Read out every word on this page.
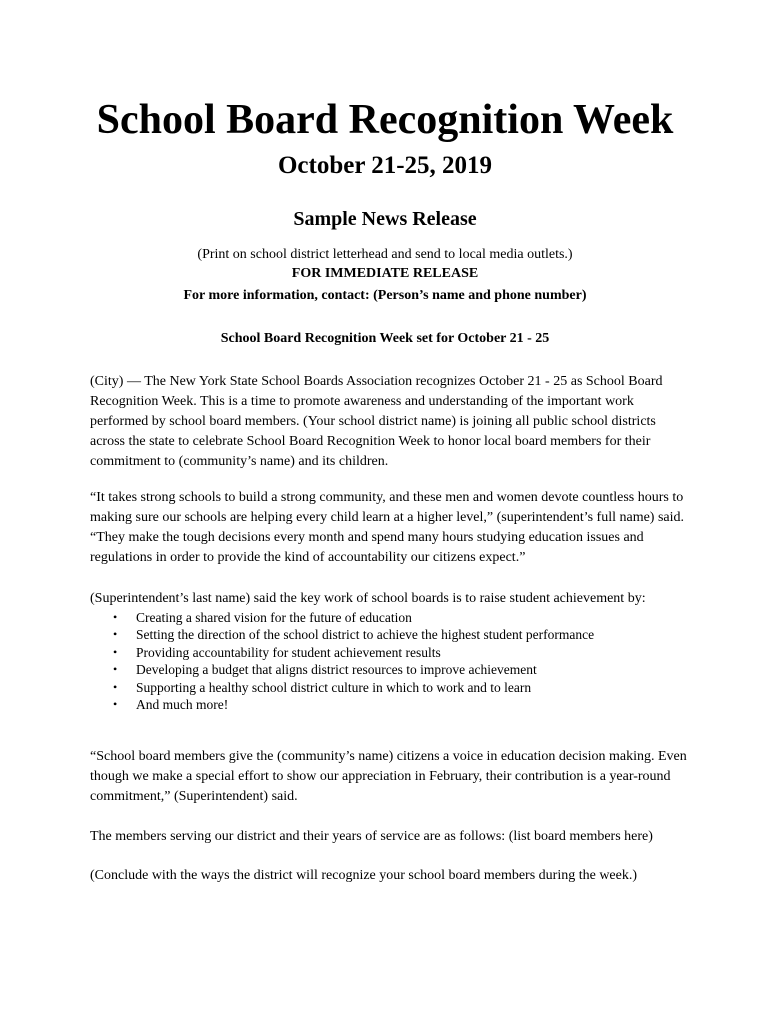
School Board Recognition Week
October 21-25, 2019
Sample News Release

(Print on school district letterhead and send to local media outlets.)

FOR IMMEDIATE RELEASE

For more information, contact: (Person’s name and phone number)

School Board Recognition Week set for October 21 - 25

(City) — The New York State School Boards Association recognizes October 21 - 25 as School Board Recognition Week. This is a time to promote awareness and understanding of the important work performed by school board members. (Your school district name) is joining all public school districts across the state to celebrate School Board Recognition Week to honor local board members for their commitment to (community’s name) and its children.

“It takes strong schools to build a strong community, and these men and women devote countless hours to making sure our schools are helping every child learn at a higher level,” (superintendent’s full name) said. “They make the tough decisions every month and spend many hours studying education issues and regulations in order to provide the kind of accountability our citizens expect.”

(Superintendent’s last name) said the key work of school boards is to raise student achievement by:

• Creating a shared vision for the future of education
• Setting the direction of the school district to achieve the highest student performance
• Providing accountability for student achievement results
• Developing a budget that aligns district resources to improve achievement
• Supporting a healthy school district culture in which to work and to learn
• And much more!

“School board members give the (community’s name) citizens a voice in education decision making. Even though we make a special effort to show our appreciation in February, their contribution is a year-round commitment,” (Superintendent) said.

The members serving our district and their years of service are as follows: (list board members here)

(Conclude with the ways the district will recognize your school board members during the week.)
